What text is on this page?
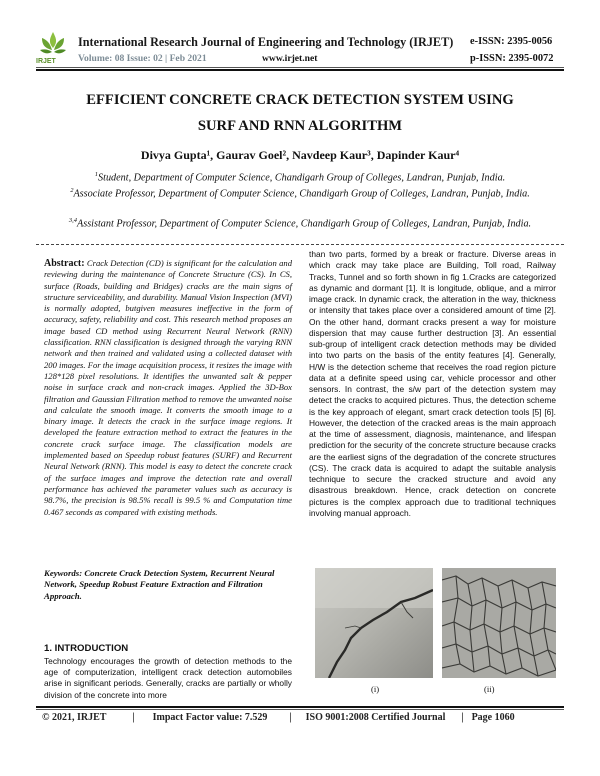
IRJET
International Research Journal of Engineering and Technology (IRJET) e-ISSN: 2395-0056
Volume: 08 Issue: 02 | Feb 2021	www.irjet.net	p-ISSN: 2395-0072
EFFICIENT CONCRETE CRACK DETECTION SYSTEM USING
SURF AND RNN ALGORITHM
Divya Gupta¹, Gaurav Goel², Navdeep Kaur³, Dapinder Kaur⁴
$^1$Student, Department of Computer Science, Chandigarh Group of Colleges, Landran, Punjab, India.
$^2$Associate Professor, Department of Computer Science, Chandigarh Group of Colleges, Landran, Punjab, India.
$^{3,4}$Assistant Professor, Department of Computer Science, Chandigarh Group of Colleges, Landran, Punjab, India.
Abstract: Crack Detection (CD) is significant for the calculation and reviewing during the maintenance of Concrete Structure (CS). In CS, surface (Roads, building and Bridges) cracks are the main signs of structure serviceability, and durability. Manual Vision Inspection (MVI) is normally adopted, butgiven measures ineffective in the form of accuracy, safety, reliability and cost. This research method proposes an image based CD method using Recurrent Neural Network (RNN) classification. RNN classification is designed through the varying RNN network and then trained and validated using a collected dataset with 200 images. For the image acquisition process, it resizes the image with 128*128 pixel resolutions. It identifies the unwanted salt & pepper noise in surface crack and non-crack images. Applied the 3D-Box filtration and Gaussian Filtration method to remove the unwanted noise and calculate the smooth image. It converts the smooth image to a binary image. It detects the crack in the surface image regions. It developed the feature extraction method to extract the features in the concrete crack surface image. The classification models are implemented based on Speedup robust features (SURF) and Recurrent Neural Network (RNN). This model is easy to detect the concrete crack of the surface images and improve the detection rate and overall performance has achieved the parameter values such as accuracy is 98.7%, the precision is 98.5% recall is 99.5 % and Computation time 0.467 seconds as compared with existing methods.
Keywords: Concrete Crack Detection System, Recurrent Neural Network, Speedup Robust Feature Extraction and Filtration Approach.
1. INTRODUCTION
Technology encourages the growth of detection methods to the age of computerization, intelligent crack detection automobiles arise in significant periods. Generally, cracks are partially or wholly division of the concrete into more
than two parts, formed by a break or fracture. Diverse areas in which crack may take place are Building, Toll road, Railway Tracks, Tunnel and so forth shown in fig 1.Cracks are categorized as dynamic and dormant [1]. It is longitude, oblique, and a mirror image crack. In dynamic crack, the alteration in the way, thickness or intensity that takes place over a considered amount of time [2]. On the other hand, dormant cracks present a way for moisture dispersion that may cause further destruction [3]. An essential sub-group of intelligent crack detection methods may be divided into two parts on the basis of the entity features [4]. Generally, H/W is the detection scheme that receives the road region picture data at a definite speed using car, vehicle processor and other sensors. In contrast, the s/w part of the detection system may detect the cracks to acquired pictures. Thus, the detection scheme is the key approach of elegant, smart crack detection tools [5] [6]. However, the detection of the cracked areas is the main approach at the time of assessment, diagnosis, maintenance, and lifespan prediction for the security of the concrete structure because cracks are the earliest signs of the degradation of the concrete structures (CS). The crack data is acquired to adapt the suitable analysis technique to secure the cracked structure and avoid any disastrous breakdown. Hence, crack detection on concrete pictures is the complex approach due to traditional techniques involving manual approach.
(i)	(ii)
© 2021, IRJET	| Impact Factor value: 7.529 | ISO 9001:2008 Certified Journal | Page 1060
